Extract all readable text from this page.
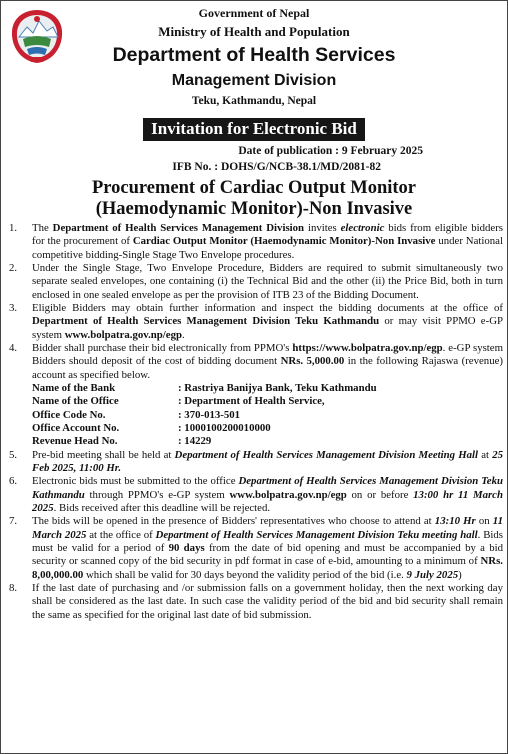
Government of Nepal
Ministry of Health and Population
Department of Health Services
Management Division
Teku, Kathmandu, Nepal
Invitation for Electronic Bid
Date of publication : 9 February 2025
IFB No. : DOHS/G/NCB-38.1/MD/2081-82
Procurement of Cardiac Output Monitor
(Haemodynamic Monitor)-Non Invasive
1. The Department of Health Services Management Division invites electronic bids from eligible bidders for the procurement of Cardiac Output Monitor (Haemodynamic Monitor)-Non Invasive under National competitive bidding-Single Stage Two Envelope procedures.
2. Under the Single Stage, Two Envelope Procedure, Bidders are required to submit simultaneously two separate sealed envelopes, one containing (i) the Technical Bid and the other (ii) the Price Bid, both in turn enclosed in one sealed envelope as per the provision of ITB 23 of the Bidding Document.
3. Eligible Bidders may obtain further information and inspect the bidding documents at the office of Department of Health Services Management Division Teku Kathmandu or may visit PPMO e-GP system www.bolpatra.gov.np/egp.
4. Bidder shall purchase their bid electronically from PPMO's https://www.bolpatra.gov.np/egp. e-GP system Bidders should deposit of the cost of bidding document NRs. 5,000.00 in the following Rajaswa (revenue) account as specified below.
Name of the Bank	: Rastriya Banijya Bank, Teku Kathmandu
Name of the Office	: Department of Health Service,
Office Code No.	: 370-013-501
Office Account No.	: 1000100200010000
Revenue Head No.	: 14229
5. Pre-bid meeting shall be held at Department of Health Services Management Division Meeting Hall at 25 Feb 2025, 11:00 Hr.
6. Electronic bids must be submitted to the office Department of Health Services Management Division Teku Kathmandu through PPMO's e-GP system www.bolpatra.gov.np/egp on or before 13:00 hr 11 March 2025. Bids received after this deadline will be rejected.
7. The bids will be opened in the presence of Bidders' representatives who choose to attend at 13:10 Hr on 11 March 2025 at the office of Department of Health Services Management Division Teku meeting hall. Bids must be valid for a period of 90 days from the date of bid opening and must be accompanied by a bid security or scanned copy of the bid security in pdf format in case of e-bid, amounting to a minimum of NRs. 8,00,000.00 which shall be valid for 30 days beyond the validity period of the bid (i.e. 9 July 2025)
8. If the last date of purchasing and /or submission falls on a government holiday, then the next working day shall be considered as the last date. In such case the validity period of the bid and bid security shall remain the same as specified for the original last date of bid submission.
